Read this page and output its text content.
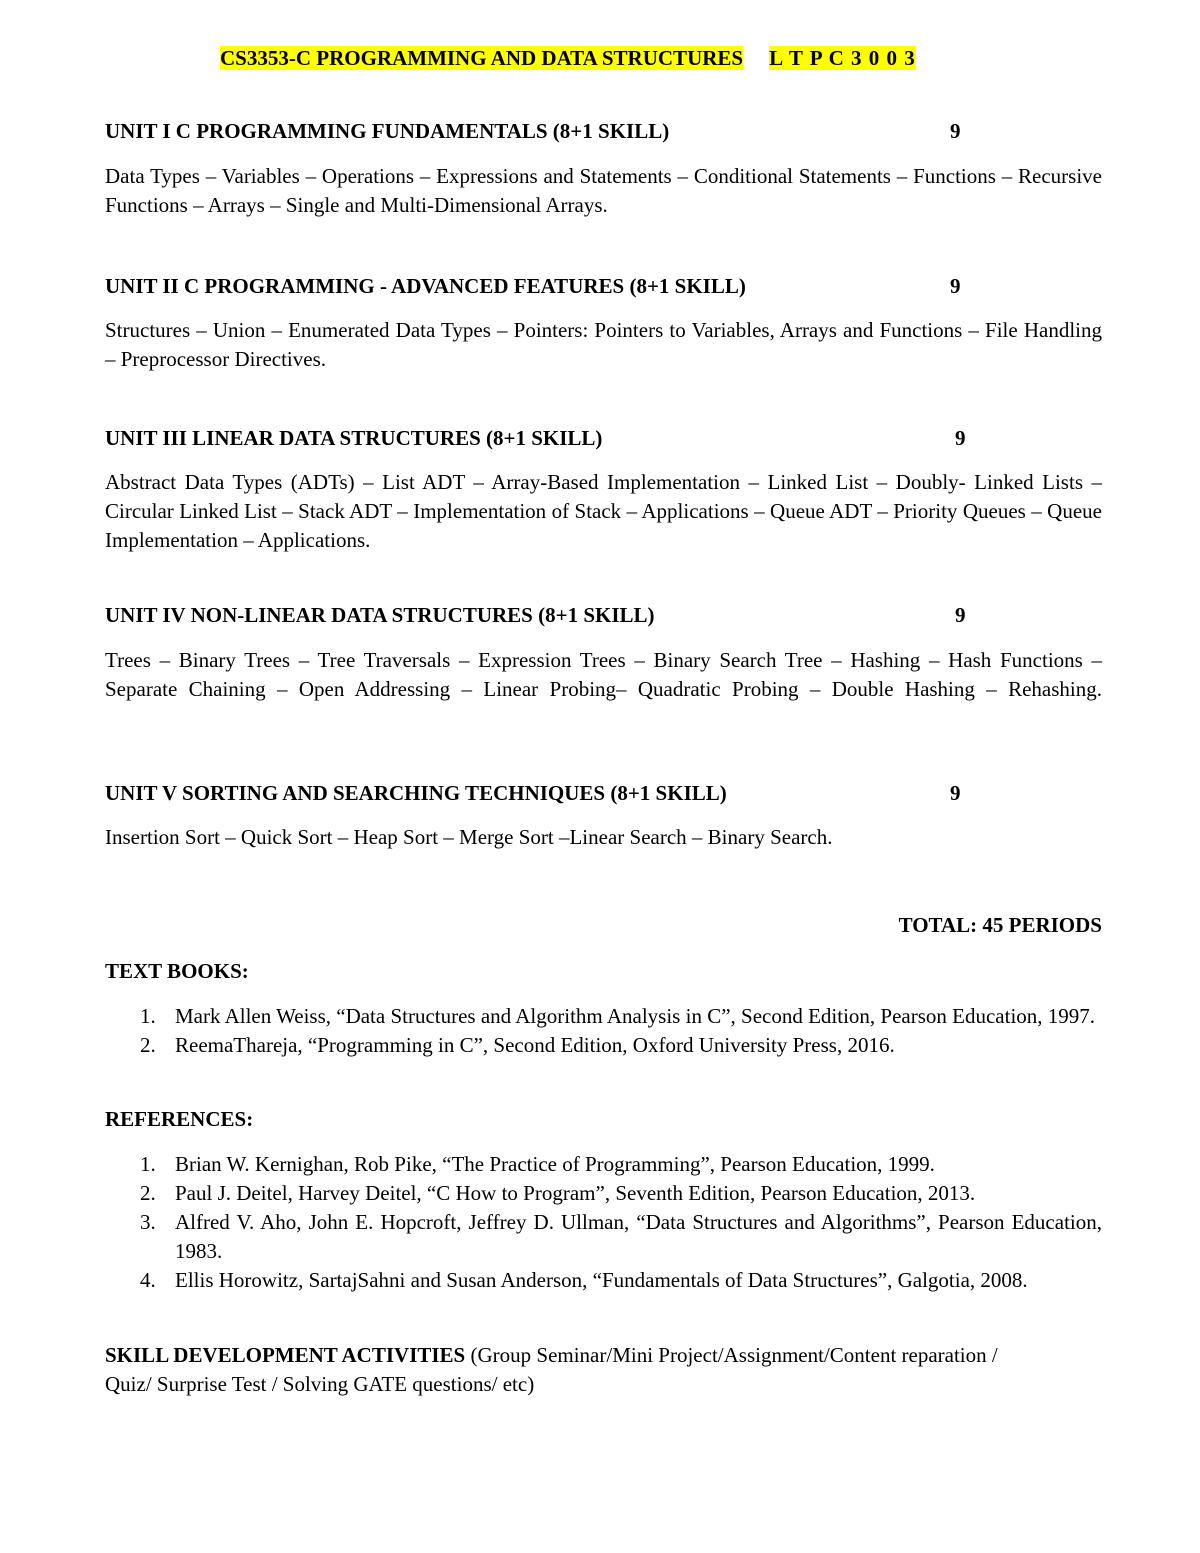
CS3353-C PROGRAMMING AND DATA STRUCTURES L T P C 3 0 0 3
UNIT I C PROGRAMMING FUNDAMENTALS (8+1 SKILL)	9

Data Types – Variables – Operations – Expressions and Statements – Conditional Statements – Functions – Recursive Functions – Arrays – Single and Multi-Dimensional Arrays.

UNIT II C PROGRAMMING - ADVANCED FEATURES (8+1 SKILL)	9

Structures – Union – Enumerated Data Types – Pointers: Pointers to Variables, Arrays and Functions – File Handling – Preprocessor Directives.

UNIT III LINEAR DATA STRUCTURES (8+1 SKILL)	9

Abstract Data Types (ADTs) – List ADT – Array-Based Implementation – Linked List – Doubly- Linked Lists – Circular Linked List – Stack ADT – Implementation of Stack – Applications – Queue ADT – Priority Queues – Queue Implementation – Applications.

UNIT IV NON-LINEAR DATA STRUCTURES (8+1 SKILL)	9

Trees – Binary Trees – Tree Traversals – Expression Trees – Binary Search Tree – Hashing – Hash Functions – Separate Chaining – Open Addressing – Linear Probing– Quadratic Probing – Double Hashing – Rehashing.

UNIT V SORTING AND SEARCHING TECHNIQUES (8+1 SKILL)	9

Insertion Sort – Quick Sort – Heap Sort – Merge Sort –Linear Search – Binary Search.

TOTAL: 45 PERIODS
TEXT BOOKS:
1. Mark Allen Weiss, “Data Structures and Algorithm Analysis in C”, Second Edition, Pearson Education, 1997.
2. ReemaThareja, “Programming in C”, Second Edition, Oxford University Press, 2016.
REFERENCES:
1. Brian W. Kernighan, Rob Pike, “The Practice of Programming”, Pearson Education, 1999.
2. Paul J. Deitel, Harvey Deitel, “C How to Program”, Seventh Edition, Pearson Education, 2013.
3. Alfred V. Aho, John E. Hopcroft, Jeffrey D. Ullman, “Data Structures and Algorithms”, Pearson Education, 1983.
4. Ellis Horowitz, SartajSahni and Susan Anderson, “Fundamentals of Data Structures”, Galgotia, 2008.
SKILL DEVELOPMENT ACTIVITIES (Group Seminar/Mini Project/Assignment/Content reparation / Quiz/ Surprise Test / Solving GATE questions/ etc)
